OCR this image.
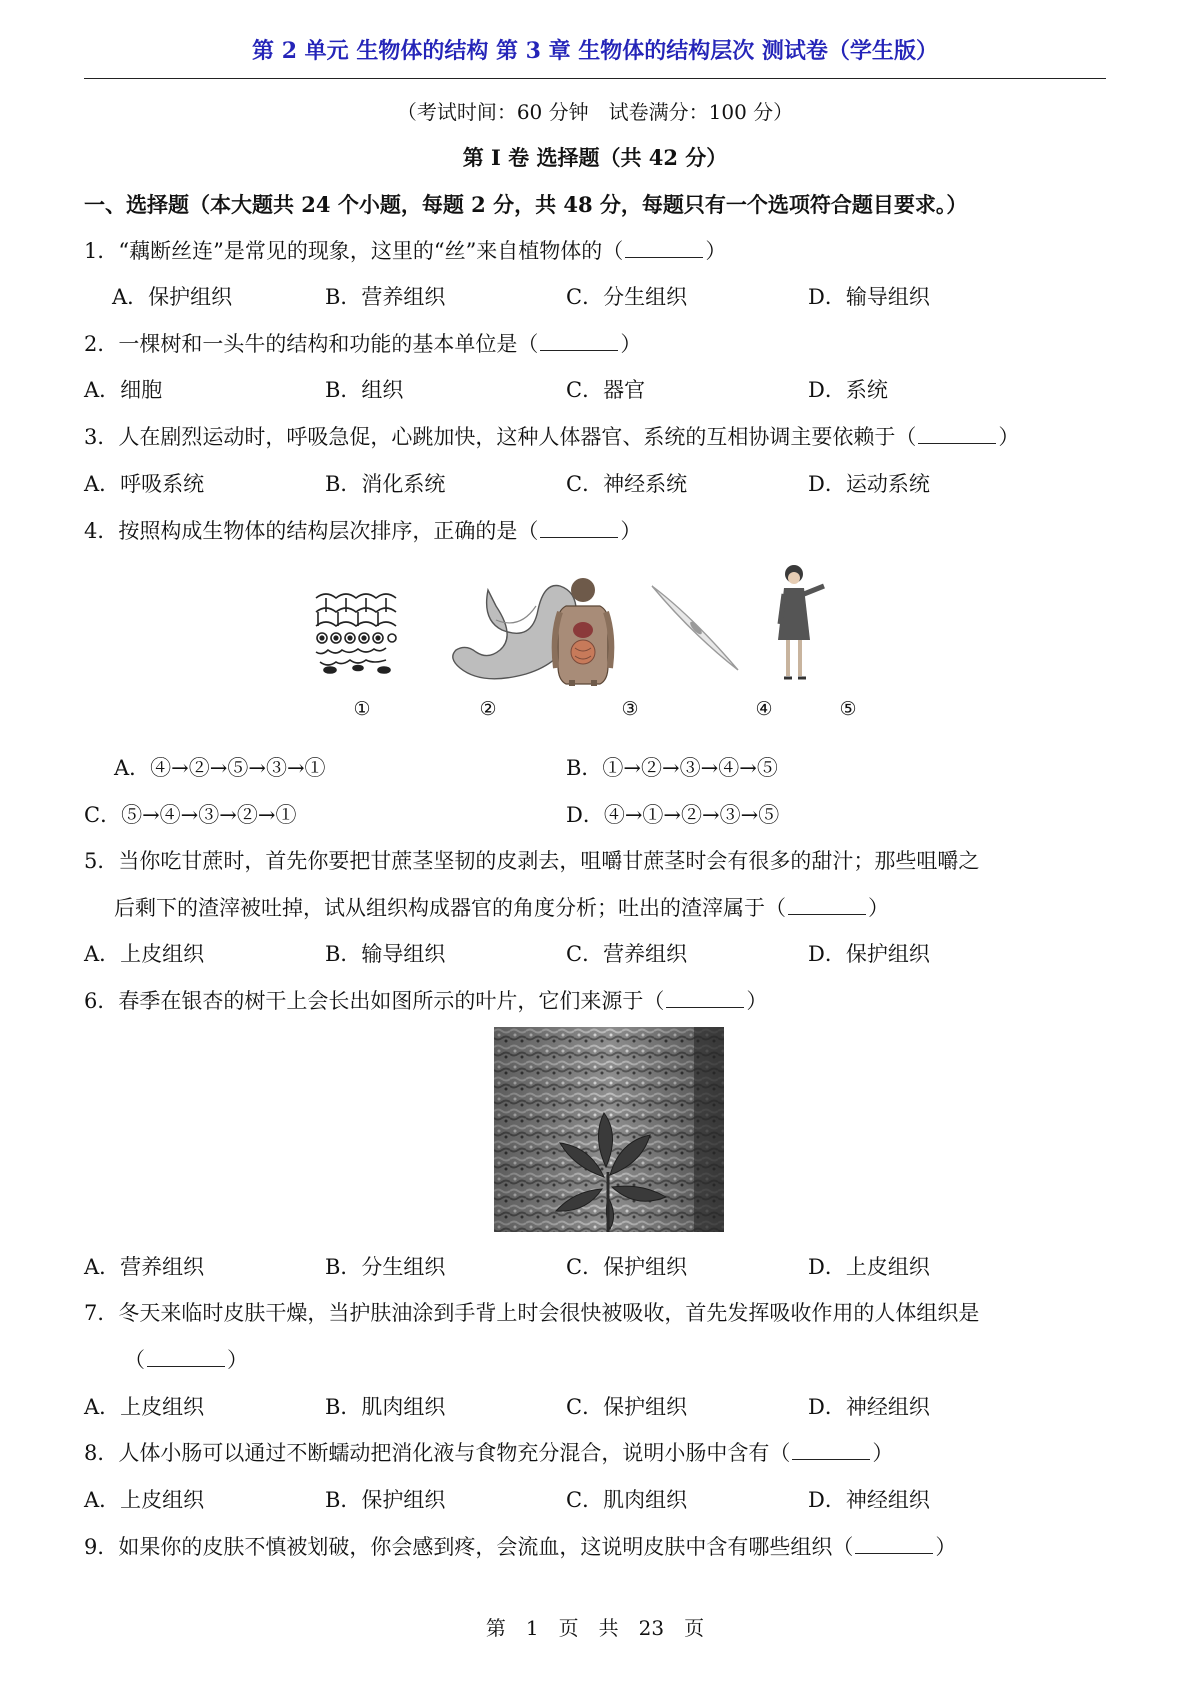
第 2 单元 生物体的结构 第 3 章 生物体的结构层次 测试卷（学生版）
（考试时间：60 分钟　试卷满分：100 分）
第 I 卷 选择题（共 42 分）
一、选择题（本大题共 24 个小题，每题 2 分，共 48 分，每题只有一个选项符合题目要求。）
1．“藕断丝连”是常见的现象，这里的“丝”来自植物体的（	）
A．保护组织	B．营养组织	C．分生组织	D．输导组织
2．一棵树和一头牛的结构和功能的基本单位是（	）
A．细胞	B．组织	C．器官	D．系统
3．人在剧烈运动时，呼吸急促，心跳加快，这种人体器官、系统的互相协调主要依赖于（	）
A．呼吸系统	B．消化系统	C．神经系统	D．运动系统
4．按照构成生物体的结构层次排序，正确的是（	）
①	②	③	④	⑤
A．④→②→⑤→③→①	B．①→②→③→④→⑤
C．⑤→④→③→②→①	D．④→①→②→③→⑤
5．当你吃甘蔗时，首先你要把甘蔗茎坚韧的皮剥去，咀嚼甘蔗茎时会有很多的甜汁；那些咀嚼之
后剩下的渣滓被吐掉，试从组织构成器官的角度分析；吐出的渣滓属于（	）
A．上皮组织	B．输导组织	C．营养组织	D．保护组织
6．春季在银杏的树干上会长出如图所示的叶片，它们来源于（	）
A．营养组织	B．分生组织	C．保护组织	D．上皮组织
7．冬天来临时皮肤干燥，当护肤油涂到手背上时会很快被吸收，首先发挥吸收作用的人体组织是
（	）
A．上皮组织	B．肌肉组织	C．保护组织	D．神经组织
8．人体小肠可以通过不断蠕动把消化液与食物充分混合，说明小肠中含有（	）
A．上皮组织	B．保护组织	C．肌肉组织	D．神经组织
9．如果你的皮肤不慎被划破，你会感到疼，会流血，这说明皮肤中含有哪些组织（	）
第　1　页　共　23　页
